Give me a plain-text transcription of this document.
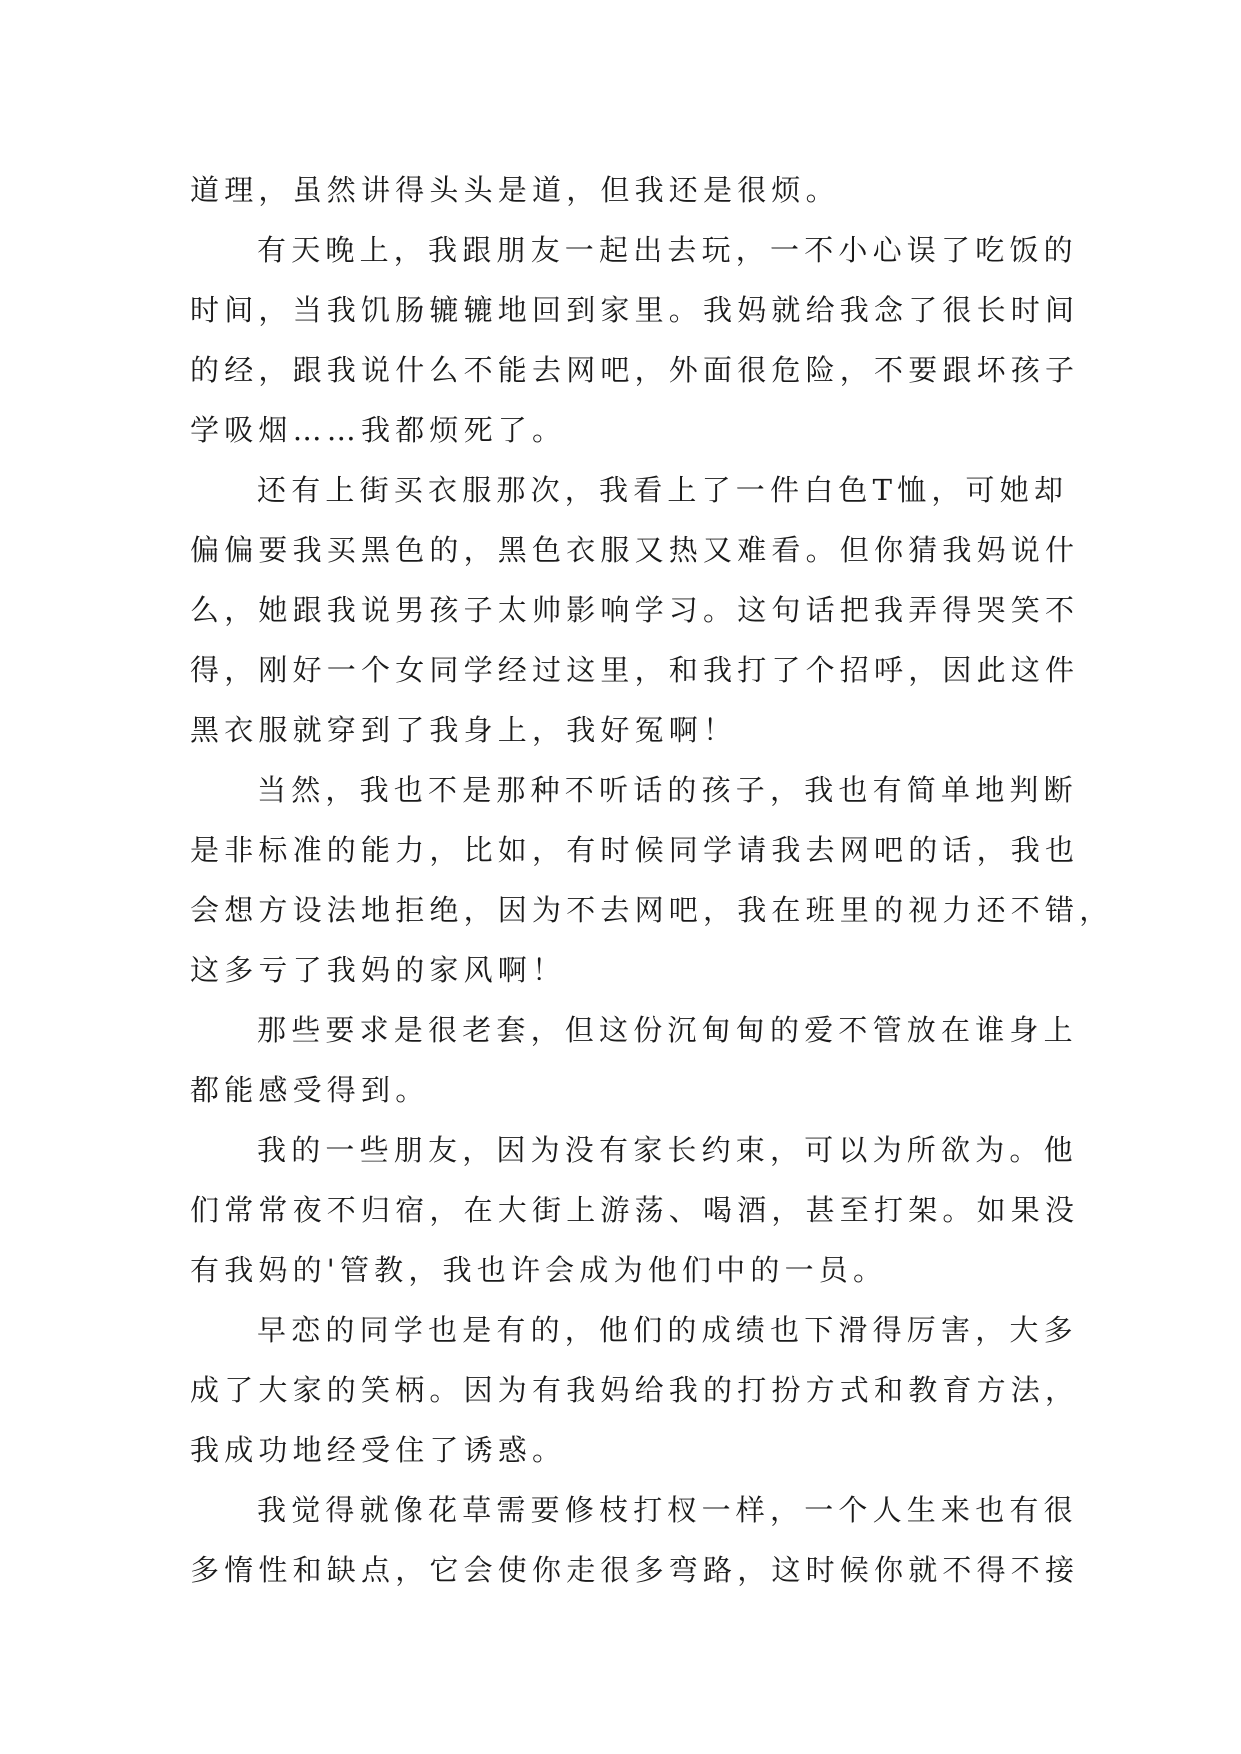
道理，虽然讲得头头是道，但我还是很烦。
有天晚上，我跟朋友一起出去玩，一不小心误了吃饭的
时间，当我饥肠辘辘地回到家里。我妈就给我念了很长时间
的经，跟我说什么不能去网吧，外面很危险，不要跟坏孩子
学吸烟……我都烦死了。
还有上街买衣服那次，我看上了一件白色T恤，可她却
偏偏要我买黑色的，黑色衣服又热又难看。但你猜我妈说什
么，她跟我说男孩子太帅影响学习。这句话把我弄得哭笑不
得，刚好一个女同学经过这里，和我打了个招呼，因此这件
黑衣服就穿到了我身上，我好冤啊！
当然，我也不是那种不听话的孩子，我也有简单地判断
是非标准的能力，比如，有时候同学请我去网吧的话，我也
会想方设法地拒绝，因为不去网吧，我在班里的视力还不错，
这多亏了我妈的家风啊！
那些要求是很老套，但这份沉甸甸的爱不管放在谁身上
都能感受得到。
我的一些朋友，因为没有家长约束，可以为所欲为。他
们常常夜不归宿，在大街上游荡、喝酒，甚至打架。如果没
有我妈的'管教，我也许会成为他们中的一员。
早恋的同学也是有的，他们的成绩也下滑得厉害，大多
成了大家的笑柄。因为有我妈给我的打扮方式和教育方法，
我成功地经受住了诱惑。
我觉得就像花草需要修枝打杈一样，一个人生来也有很
多惰性和缺点，它会使你走很多弯路，这时候你就不得不接
